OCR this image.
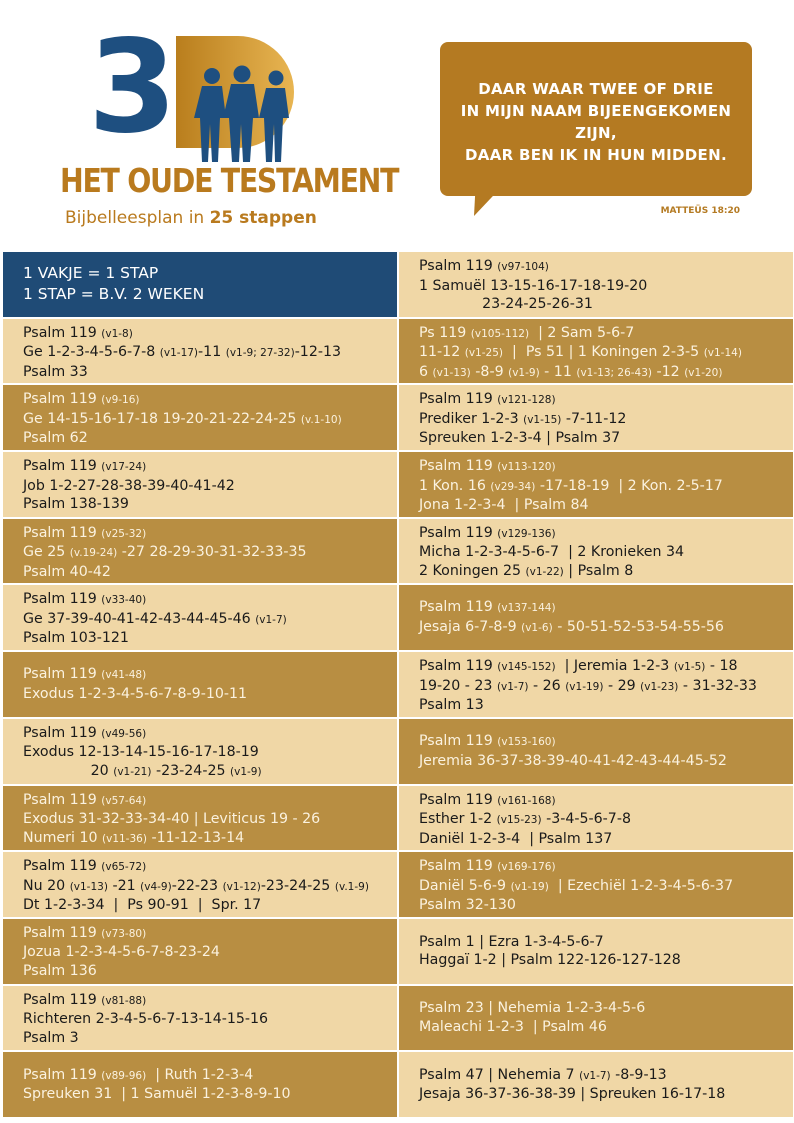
3
HET OUDE TESTAMENT
Bijbelleesplan in 25 stappen
DAAR WAAR TWEE OF DRIE
IN MIJN NAAM BIJEENGEKOMEN ZIJN,
DAAR BEN IK IN HUN MIDDEN.
MATTEÜS 18:20
1 VAKJE = 1 STAP
1 STAP = B.V. 2 WEKEN
Psalm 119 (v97-104)
1 Samuël 13-15-16-17-18-19-20
23-24-25-26-31
Psalm 119 (v1-8)
Ge 1-2-3-4-5-6-7-8 (v1-17)-11 (v1-9; 27-32)-12-13
Psalm 33
Ps 119 (v105-112)  | 2 Sam 5-6-7
11-12 (v1-25)  |  Ps 51 | 1 Koningen 2-3-5 (v1-14)
6 (v1-13) -8-9 (v1-9) - 11 (v1-13; 26-43) -12 (v1-20)
Psalm 119 (v9-16)
Ge 14-15-16-17-18 19-20-21-22-24-25 (v.1-10)
Psalm 62
Psalm 119 (v121-128)
Prediker 1-2-3 (v1-15) -7-11-12
Spreuken 1-2-3-4 | Psalm 37
Psalm 119 (v17-24)
Job 1-2-27-28-38-39-40-41-42
Psalm 138-139
Psalm 119 (v113-120)
1 Kon. 16 (v29-34) -17-18-19  | 2 Kon. 2-5-17
Jona 1-2-3-4  | Psalm 84
Psalm 119 (v25-32)
Ge 25 (v.19-24) -27 28-29-30-31-32-33-35
Psalm 40-42
Psalm 119 (v129-136)
Micha 1-2-3-4-5-6-7  | 2 Kronieken 34
2 Koningen 25 (v1-22) | Psalm 8
Psalm 119 (v33-40)
Ge 37-39-40-41-42-43-44-45-46 (v1-7)
Psalm 103-121
Psalm 119 (v137-144)
Jesaja 6-7-8-9 (v1-6) - 50-51-52-53-54-55-56
Psalm 119 (v41-48)
Exodus 1-2-3-4-5-6-7-8-9-10-11
Psalm 119 (v145-152)  | Jeremia 1-2-3 (v1-5) - 18
19-20 - 23 (v1-7) - 26 (v1-19) - 29 (v1-23) - 31-32-33
Psalm 13
Psalm 119 (v49-56)
Exodus 12-13-14-15-16-17-18-19
20 (v1-21) -23-24-25 (v1-9)
Psalm 119 (v153-160)
Jeremia 36-37-38-39-40-41-42-43-44-45-52
Psalm 119 (v57-64)
Exodus 31-32-33-34-40 | Leviticus 19 - 26
Numeri 10 (v11-36) -11-12-13-14
Psalm 119 (v161-168)
Esther 1-2 (v15-23) -3-4-5-6-7-8
Daniël 1-2-3-4  | Psalm 137
Psalm 119 (v65-72)
Nu 20 (v1-13) -21 (v4-9)-22-23 (v1-12)-23-24-25 (v.1-9)
Dt 1-2-3-34  |  Ps 90-91  |  Spr. 17
Psalm 119 (v169-176)
Daniël 5-6-9 (v1-19)  | Ezechiël 1-2-3-4-5-6-37
Psalm 32-130
Psalm 119 (v73-80)
Jozua 1-2-3-4-5-6-7-8-23-24
Psalm 136
Psalm 1 | Ezra 1-3-4-5-6-7
Haggaï 1-2 | Psalm 122-126-127-128
Psalm 119 (v81-88)
Richteren 2-3-4-5-6-7-13-14-15-16
Psalm 3
Psalm 23 | Nehemia 1-2-3-4-5-6
Maleachi 1-2-3  | Psalm 46
Psalm 119 (v89-96)  | Ruth 1-2-3-4
Spreuken 31  | 1 Samuël 1-2-3-8-9-10
Psalm 47 | Nehemia 7 (v1-7) -8-9-13
Jesaja 36-37-36-38-39 | Spreuken 16-17-18
